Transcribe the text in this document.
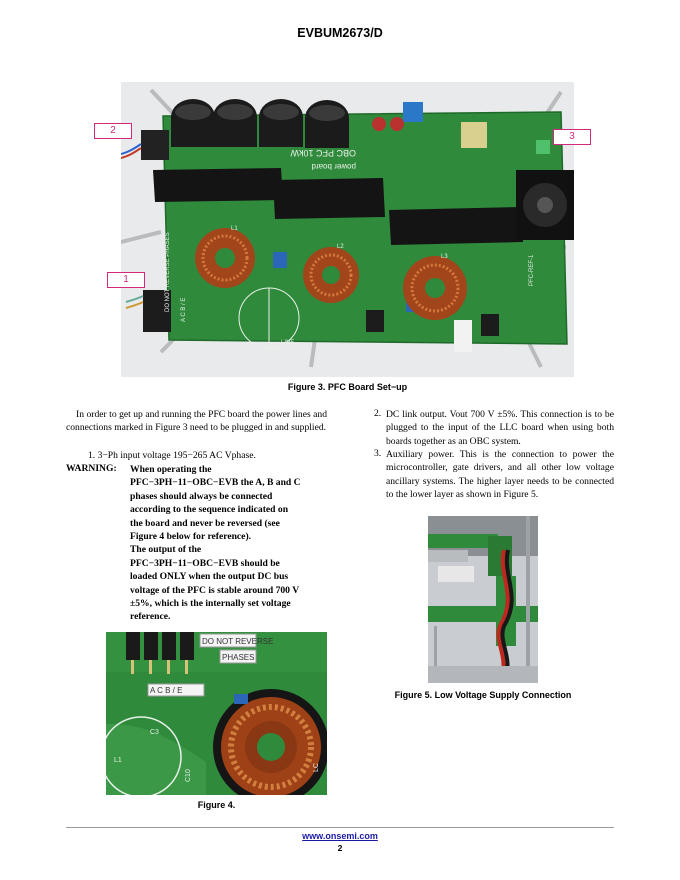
EVBUM2673/D
power board
OBC PFC 10kW
DO NOT REVERSE PHASES A C B / E
PFC-REF-1
L1
L2
L3
LINE
2
3
1
Figure 3. PFC Board Set−up

In order to get up and running the PFC board the power lines and connections marked in Figure 3 need to be plugged in and supplied.

1. 3−Ph input voltage 195−265 AC Vphase.

WARNING: When operating the
PFC−3PH−11−OBC−EVB the A, B and C
phases should always be connected
according to the sequence indicated on
the board and never be reversed (see
Figure 4 below for reference).
The output of the
PFC−3PH−11−OBC−EVB should be
loaded ONLY when the output DC bus
voltage of the PFC is stable around 700 V
±5%, which is the internally set voltage
reference.
DO NOT REVERSE
PHASES
A C B / E
C3
C10
L1
LC
Figure 4.
2. DC link output. Vout 700 V ±5%. This connection is to be plugged to the input of the LLC board when using both boards together as an OBC system.
3. Auxiliary power. This is the connection to power the microcontroller, gate drivers, and all other low voltage ancillary systems. The higher layer needs to be connected to the lower layer as shown in Figure 5.
Figure 5. Low Voltage Supply Connection
www.onsemi.com
2
